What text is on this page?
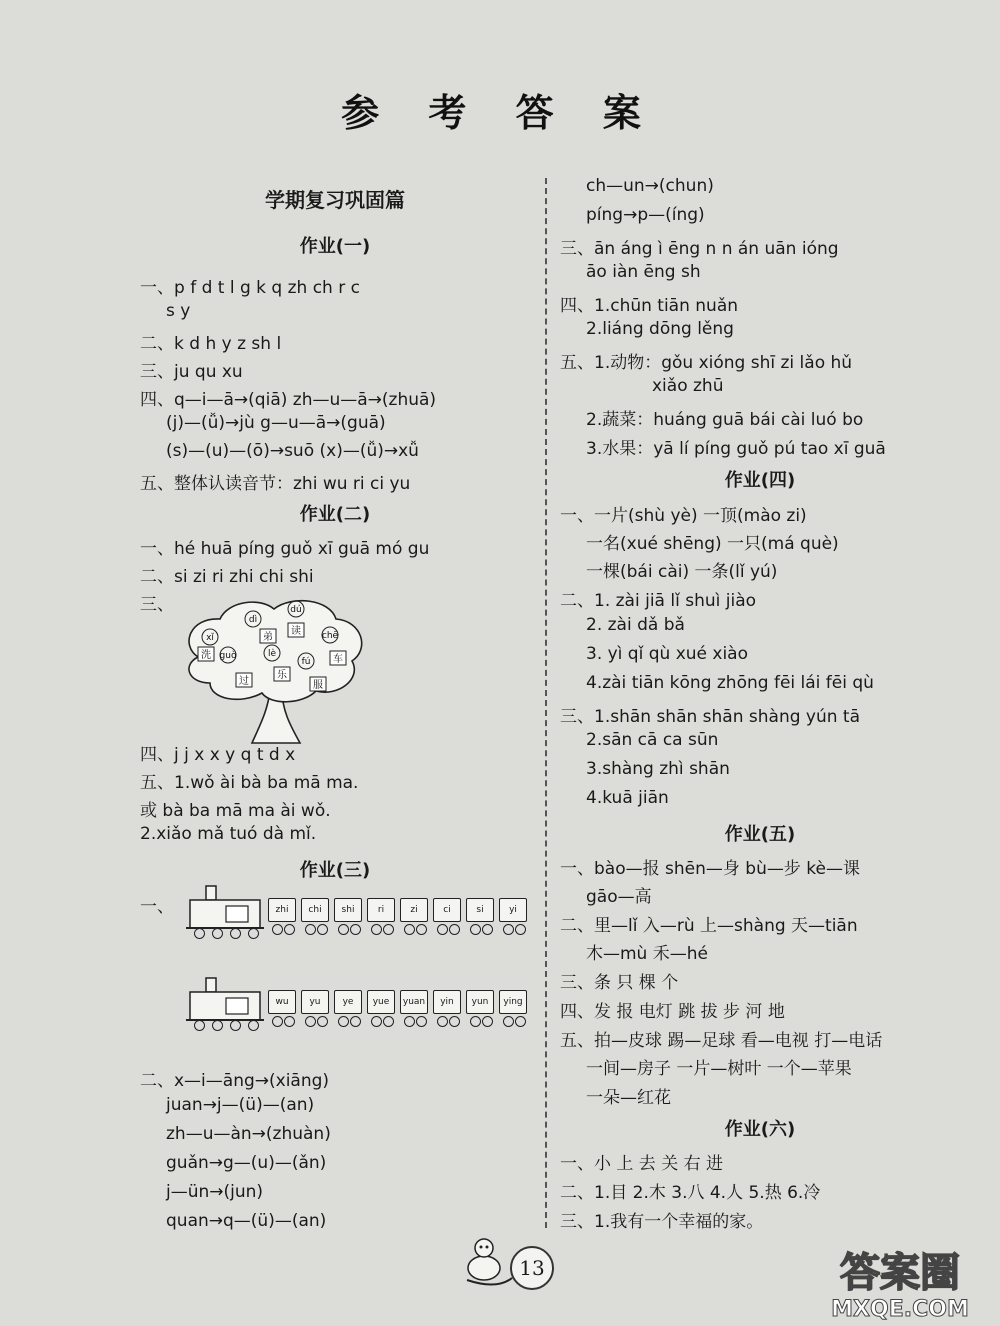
参 考 答 案
学期复习巩固篇
作业(一)
一、p f d t l g k q zh ch r c
s y
二、k d h y z sh l
三、ju qu xu
四、q—i—ā→(qiā) zh—u—ā→(zhuā)
(j)—(ǚ)→jù g—u—ā→(guā)
(s)—(u)—(ō)→suō (x)—(ǚ)→xǚ
五、整体认读音节：zhi wu ri ci yu
作业(二)
一、hé huā píng guǒ xī guā mó gu
二、si zi ri zhi chi shi
三、
xǐ
dì
dú
chē
guò	lè
fú
洗
弟
读
车
过
乐
服
四、j j x x y q t d x
五、1.wǒ ài bà ba mā ma.
或 bà ba mā ma ài wǒ.
2.xiǎo mǎ tuó dà mǐ.
作业(三)
一、	zhi	chi	shi	ri	zi	ci	si	yi
wu	yu	ye	yue	yuan	yin	yun	ying
二、x—i—āng→(xiāng)
juan→j—(ü)—(an)
zh—u—àn→(zhuàn)
guǎn→g—(u)—(ǎn)
j—ün→(jun)
quan→q—(ü)—(an)
ch—un→(chun)
píng→p—(íng)
三、ān áng ì ēng n n án uān ióng
āo iàn ēng sh
四、1.chūn tiān nuǎn
2.liáng dōng lěng
五、1.动物：gǒu xióng shī zi lǎo hǔ
xiǎo zhū
2.蔬菜：huáng guā bái cài luó bo
3.水果：yā lí píng guǒ pú tao xī guā
作业(四)
一、一片(shù yè) 一顶(mào zi)
一名(xué shēng) 一只(má què)
一棵(bái cài) 一条(lǐ yú)
二、1. zài jiā lǐ shuì jiào
2. zài dǎ bǎ
3. yì qǐ qù xué xiào
4.zài tiān kōng zhōng fēi lái fēi qù
三、1.shān shān shān shàng yún tā
2.sān cā ca sūn
3.shàng zhì shān
4.kuā jiān
作业(五)
一、bào—报 shēn—身 bù—步 kè—课
gāo—高
二、里—lǐ 入—rù 上—shàng 天—tiān
木—mù 禾—hé
三、条 只 棵 个
四、发 报 电灯 跳 拔 步 河 地
五、拍—皮球 踢—足球 看—电视 打—电话
一间—房子 一片—树叶 一个—苹果
一朵—红花
作业(六)
一、小 上 去 关 右 进
二、1.目 2.木 3.八 4.人 5.热 6.冷
三、1.我有一个幸福的家。
13	答案圈
MXQE.COM
